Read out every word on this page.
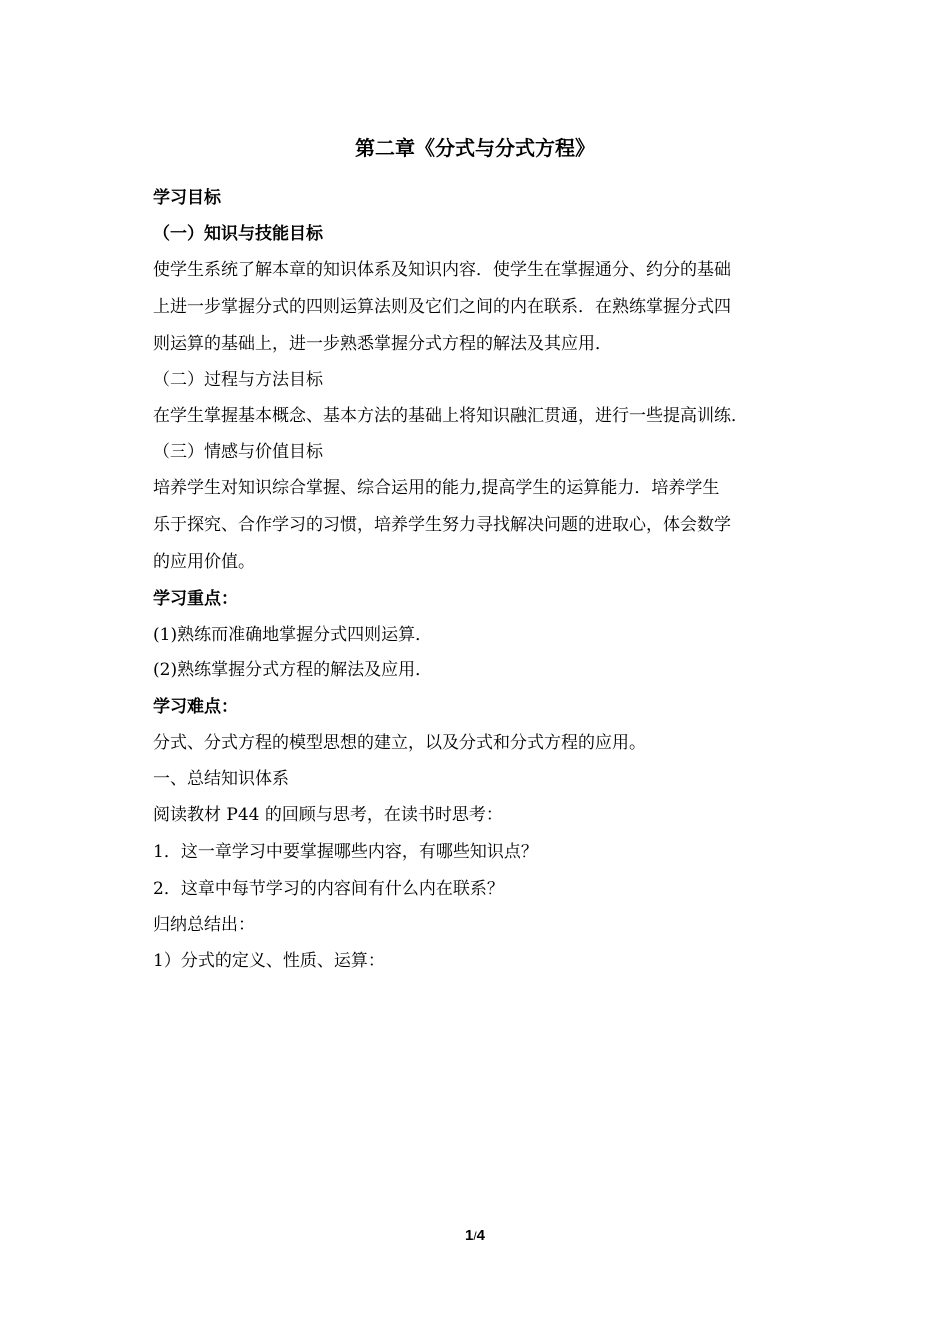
第二章《分式与分式方程》
学习目标
（一）知识与技能目标
使学生系统了解本章的知识体系及知识内容．使学生在掌握通分、约分的基础
上进一步掌握分式的四则运算法则及它们之间的内在联系．在熟练掌握分式四
则运算的基础上，进一步熟悉掌握分式方程的解法及其应用．
（二）过程与方法目标
在学生掌握基本概念、基本方法的基础上将知识融汇贯通，进行一些提高训练．
（三）情感与价值目标
培养学生对知识综合掌握、综合运用的能力,提高学生的运算能力．培养学生
乐于探究、合作学习的习惯，培养学生努力寻找解决问题的进取心，体会数学
的应用价值。
学习重点：
(1)熟练而准确地掌握分式四则运算．
(2)熟练掌握分式方程的解法及应用．
学习难点：
分式、分式方程的模型思想的建立，以及分式和分式方程的应用。
一、总结知识体系
阅读教材 P44 的回顾与思考，在读书时思考：
1．这一章学习中要掌握哪些内容，有哪些知识点？
2．这章中每节学习的内容间有什么内在联系？
归纳总结出：
1）分式的定义、性质、运算：
1/4
